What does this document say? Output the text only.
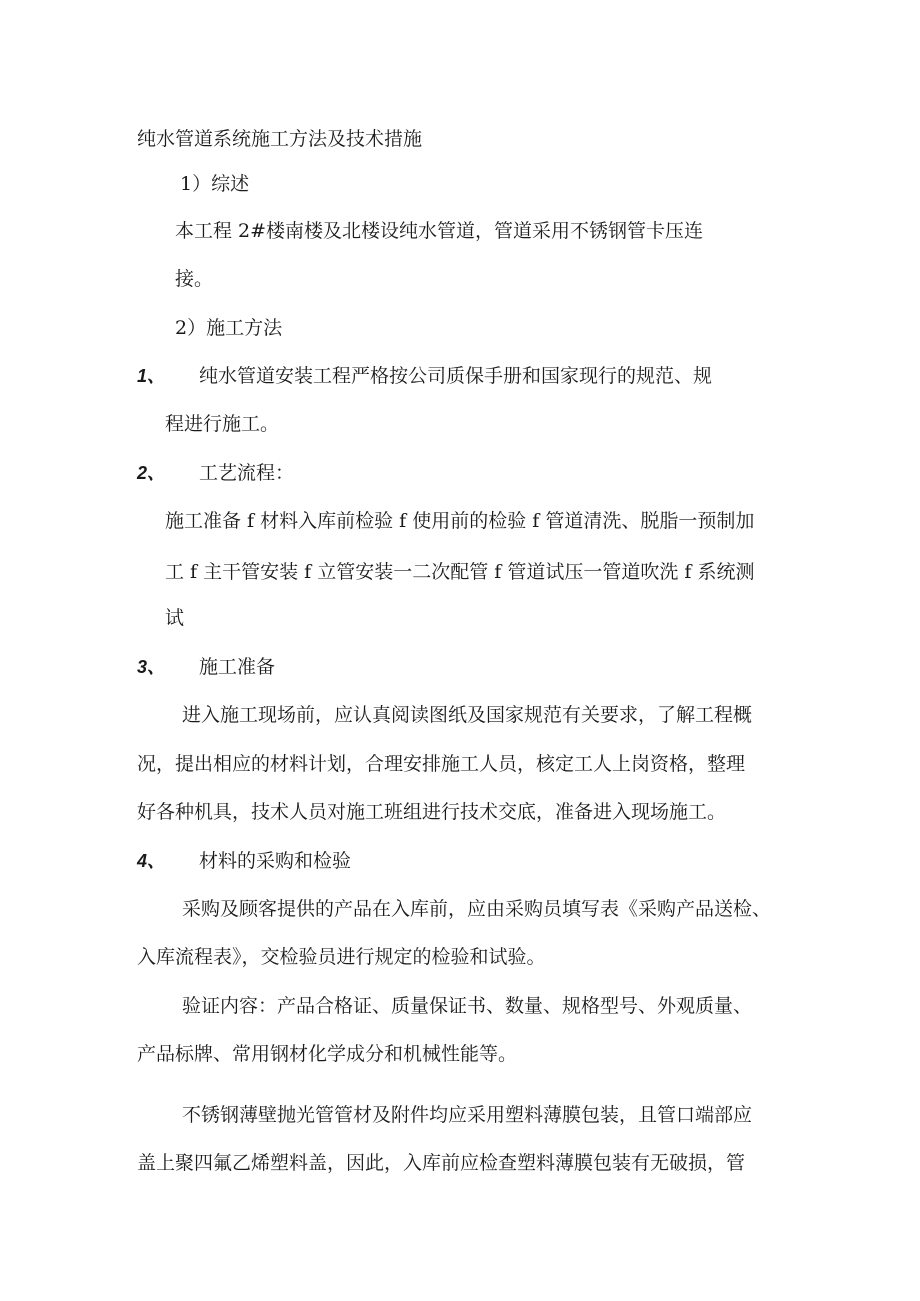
纯水管道系统施工方法及技术措施
1）综述
本工程 2#楼南楼及北楼设纯水管道，管道采用不锈钢管卡压连
接。
2）施工方法
1、 纯水管道安装工程严格按公司质保手册和国家现行的规范、规
程进行施工。
2、 工艺流程：
施工准备 f 材料入库前检验 f 使用前的检验 f 管道清洗、脱脂一预制加
工 f 主干管安装 f 立管安装一二次配管 f 管道试压一管道吹洗 f 系统测
试
3、 施工准备
进入施工现场前，应认真阅读图纸及国家规范有关要求，了解工程概
况，提出相应的材料计划，合理安排施工人员，核定工人上岗资格，整理
好各种机具，技术人员对施工班组进行技术交底，准备进入现场施工。
4、 材料的采购和检验
采购及顾客提供的产品在入库前，应由采购员填写表《采购产品送检、
入库流程表》，交检验员进行规定的检验和试验。
验证内容：产品合格证、质量保证书、数量、规格型号、外观质量、
产品标牌、常用钢材化学成分和机械性能等。
不锈钢薄壁抛光管管材及附件均应采用塑料薄膜包装，且管口端部应
盖上聚四氟乙烯塑料盖，因此，入库前应检查塑料薄膜包装有无破损，管
